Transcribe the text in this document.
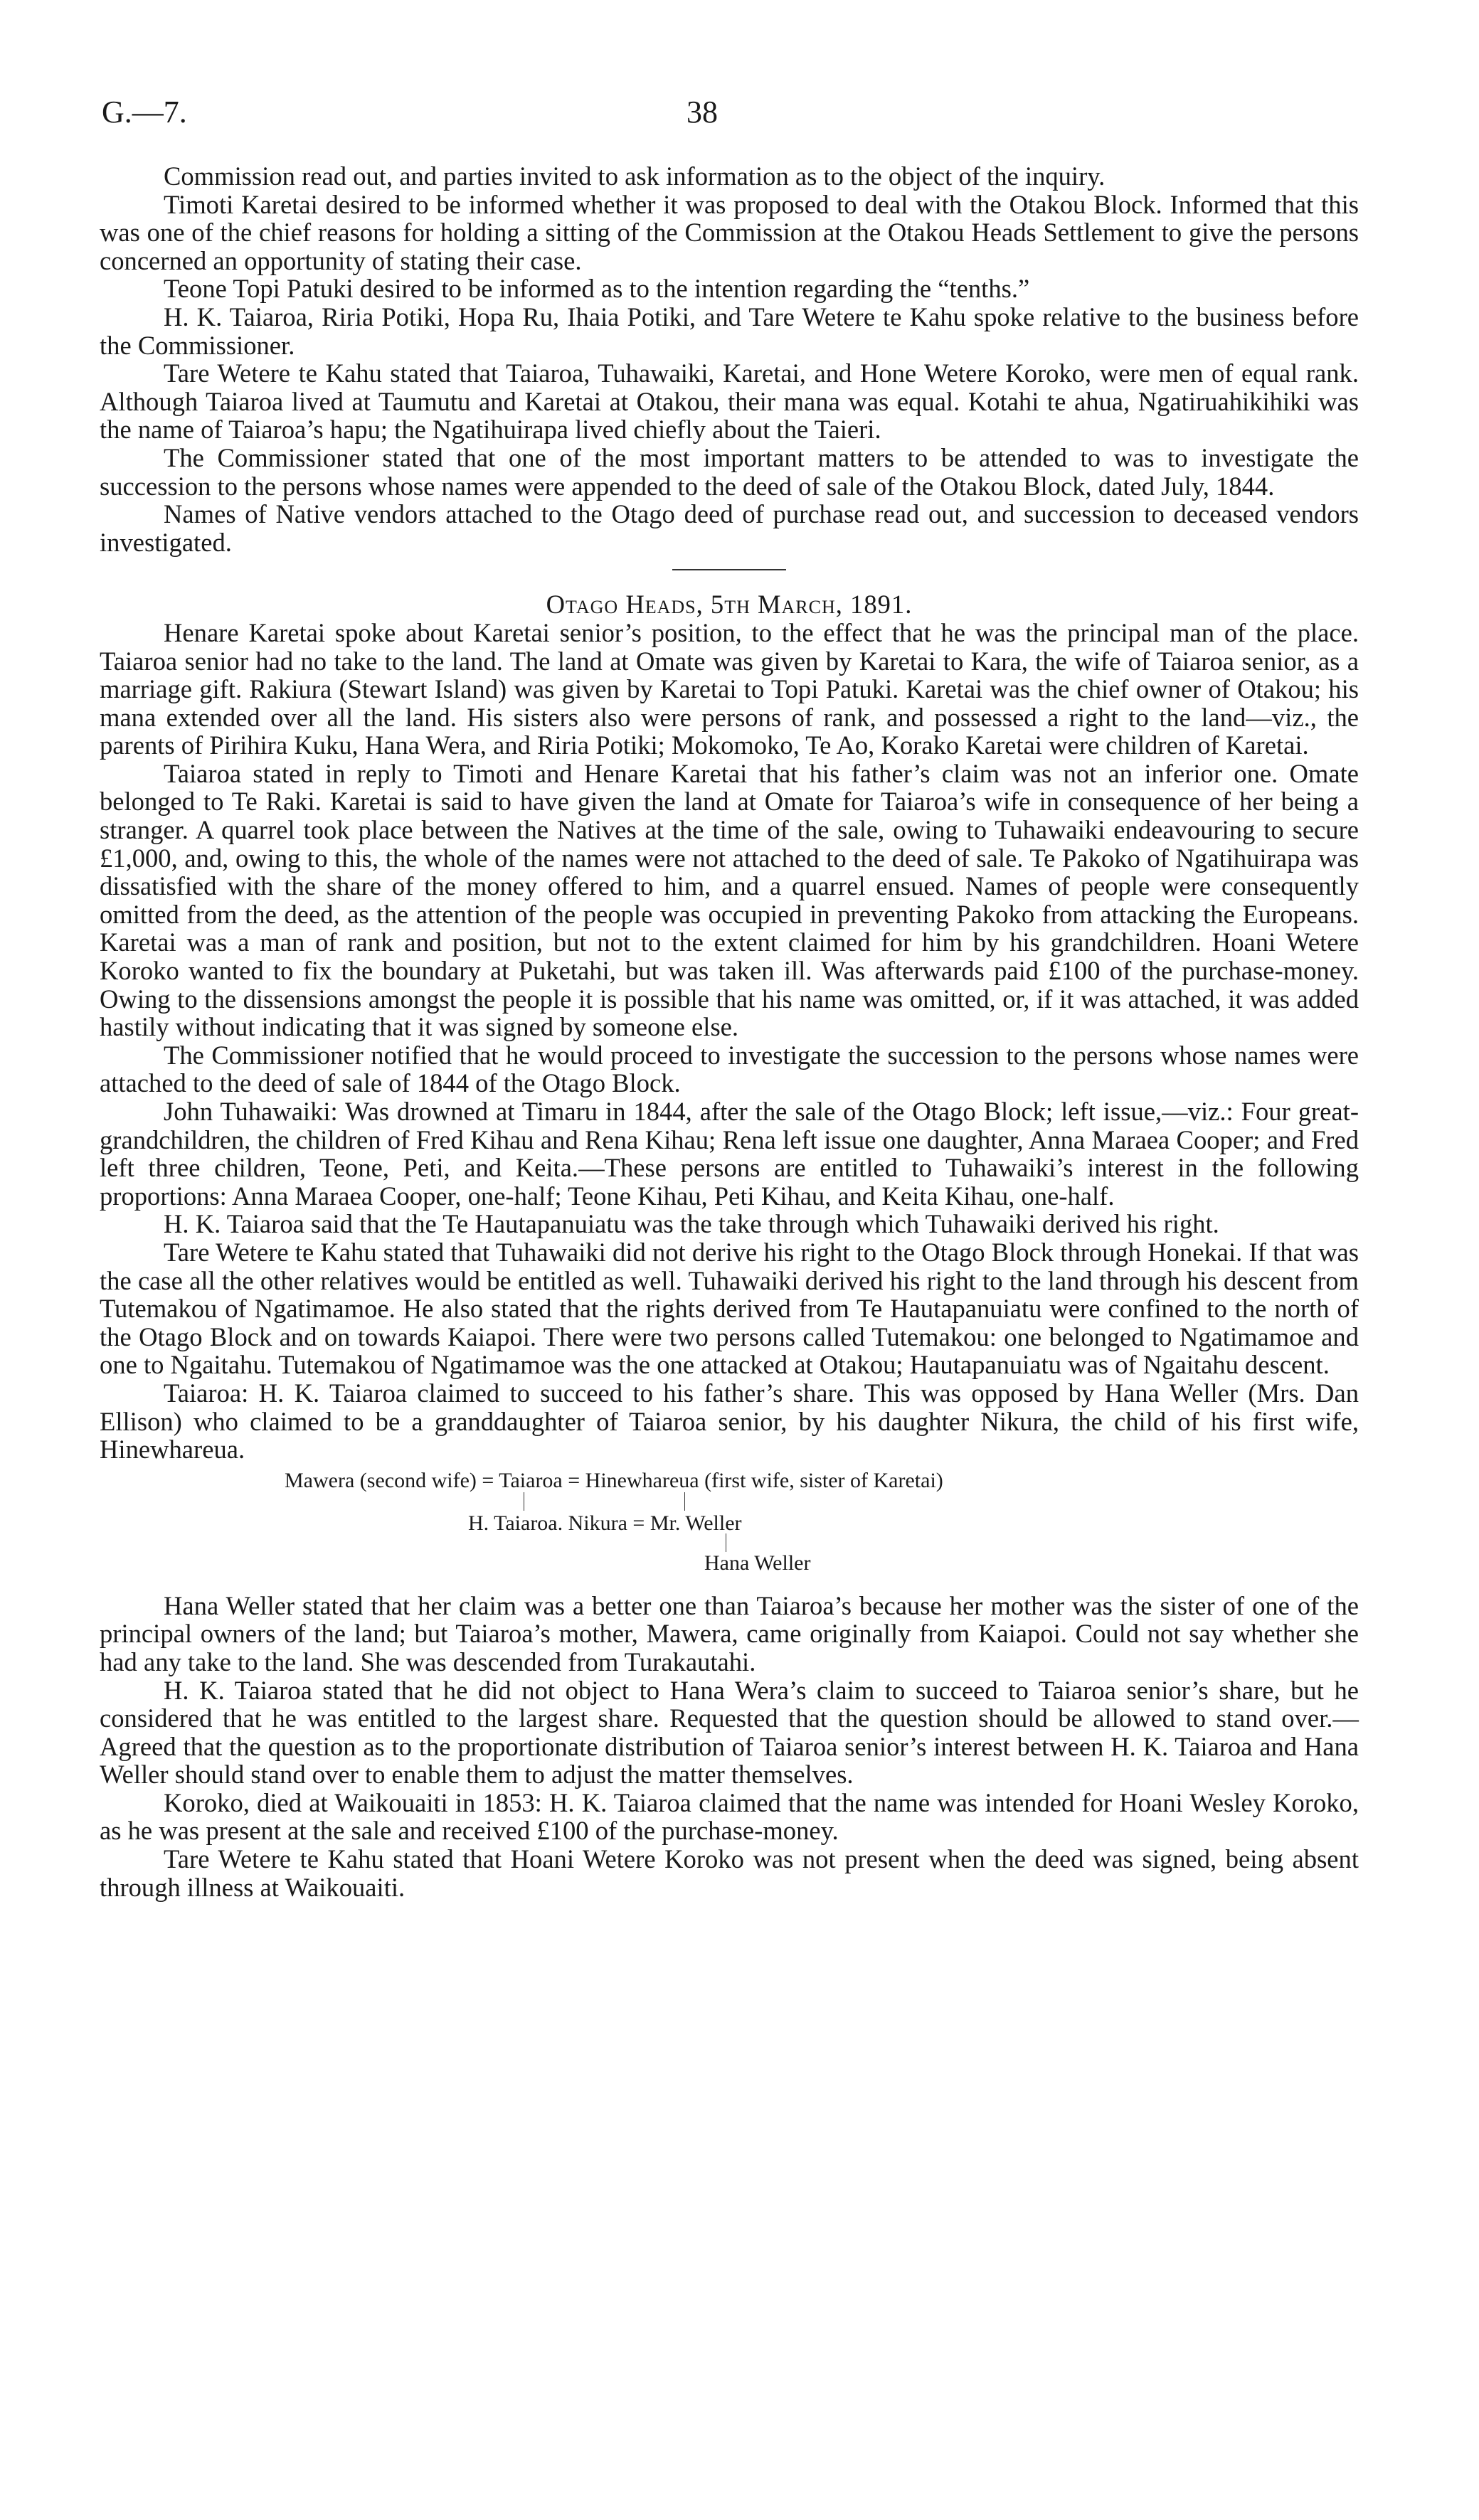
G.—7.	38

Commission read out, and parties invited to ask information as to the object of the inquiry.

Timoti Karetai desired to be informed whether it was proposed to deal with the Otakou Block. Informed that this was one of the chief reasons for holding a sitting of the Commission at the Otakou Heads Settlement to give the persons concerned an opportunity of stating their case.

Teone Topi Patuki desired to be informed as to the intention regarding the “tenths.”

H. K. Taiaroa, Riria Potiki, Hopa Ru, Ihaia Potiki, and Tare Wetere te Kahu spoke relative to the business before the Commissioner.

Tare Wetere te Kahu stated that Taiaroa, Tuhawaiki, Karetai, and Hone Wetere Koroko, were men of equal rank. Although Taiaroa lived at Taumutu and Karetai at Otakou, their mana was equal. Kotahi te ahua, Ngatiruahikihiki was the name of Taiaroa’s hapu; the Ngatihuirapa lived chiefly about the Taieri.

The Commissioner stated that one of the most important matters to be attended to was to investigate the succession to the persons whose names were appended to the deed of sale of the Otakou Block, dated July, 1844.

Names of Native vendors attached to the Otago deed of purchase read out, and succession to deceased vendors investigated.

Otago Heads, 5th March, 1891.

Henare Karetai spoke about Karetai senior’s position, to the effect that he was the principal man of the place. Taiaroa senior had no take to the land. The land at Omate was given by Karetai to Kara, the wife of Taiaroa senior, as a marriage gift. Rakiura (Stewart Island) was given by Karetai to Topi Patuki. Karetai was the chief owner of Otakou; his mana extended over all the land. His sisters also were persons of rank, and possessed a right to the land—viz., the parents of Pirihira Kuku, Hana Wera, and Riria Potiki; Mokomoko, Te Ao, Korako Karetai were children of Karetai.

Taiaroa stated in reply to Timoti and Henare Karetai that his father’s claim was not an inferior one. Omate belonged to Te Raki. Karetai is said to have given the land at Omate for Taiaroa’s wife in consequence of her being a stranger. A quarrel took place between the Natives at the time of the sale, owing to Tuhawaiki endeavouring to secure £1,000, and, owing to this, the whole of the names were not attached to the deed of sale. Te Pakoko of Ngatihuirapa was dissatisfied with the share of the money offered to him, and a quarrel ensued. Names of people were consequently omitted from the deed, as the attention of the people was occupied in preventing Pakoko from attacking the Europeans. Karetai was a man of rank and position, but not to the extent claimed for him by his grandchildren. Hoani Wetere Koroko wanted to fix the boundary at Puketahi, but was taken ill. Was afterwards paid £100 of the purchase-money. Owing to the dissensions amongst the people it is possible that his name was omitted, or, if it was attached, it was added hastily without indicating that it was signed by someone else.

The Commissioner notified that he would proceed to investigate the succession to the persons whose names were attached to the deed of sale of 1844 of the Otago Block.

John Tuhawaiki: Was drowned at Timaru in 1844, after the sale of the Otago Block; left issue,—viz.: Four great-grandchildren, the children of Fred Kihau and Rena Kihau; Rena left issue one daughter, Anna Maraea Cooper; and Fred left three children, Teone, Peti, and Keita.—These persons are entitled to Tuhawaiki’s interest in the following proportions: Anna Maraea Cooper, one-half; Teone Kihau, Peti Kihau, and Keita Kihau, one-half.

H. K. Taiaroa said that the Te Hautapanuiatu was the take through which Tuhawaiki derived his right.

Tare Wetere te Kahu stated that Tuhawaiki did not derive his right to the Otago Block through Honekai. If that was the case all the other relatives would be entitled as well. Tuhawaiki derived his right to the land through his descent from Tutemakou of Ngatimamoe. He also stated that the rights derived from Te Hautapanuiatu were confined to the north of the Otago Block and on towards Kaiapoi. There were two persons called Tutemakou: one belonged to Ngatimamoe and one to Ngaitahu. Tutemakou of Ngatimamoe was the one attacked at Otakou; Hautapanuiatu was of Ngaitahu descent.

Taiaroa: H. K. Taiaroa claimed to succeed to his father’s share. This was opposed by Hana Weller (Mrs. Dan Ellison) who claimed to be a granddaughter of Taiaroa senior, by his daughter Nikura, the child of his first wife, Hinewhareua.

Mawera (second wife) = Taiaroa = Hinewhareua (first wife, sister of Karetai)
H. Taiaroa. Nikura = Mr. Weller
Hana Weller

Hana Weller stated that her claim was a better one than Taiaroa’s because her mother was the sister of one of the principal owners of the land; but Taiaroa’s mother, Mawera, came originally from Kaiapoi. Could not say whether she had any take to the land. She was descended from Turakautahi.

H. K. Taiaroa stated that he did not object to Hana Wera’s claim to succeed to Taiaroa senior’s share, but he considered that he was entitled to the largest share. Requested that the question should be allowed to stand over.—Agreed that the question as to the proportionate distribution of Taiaroa senior’s interest between H. K. Taiaroa and Hana Weller should stand over to enable them to adjust the matter themselves.

Koroko, died at Waikouaiti in 1853: H. K. Taiaroa claimed that the name was intended for Hoani Wesley Koroko, as he was present at the sale and received £100 of the purchase-money.

Tare Wetere te Kahu stated that Hoani Wetere Koroko was not present when the deed was signed, being absent through illness at Waikouaiti.
